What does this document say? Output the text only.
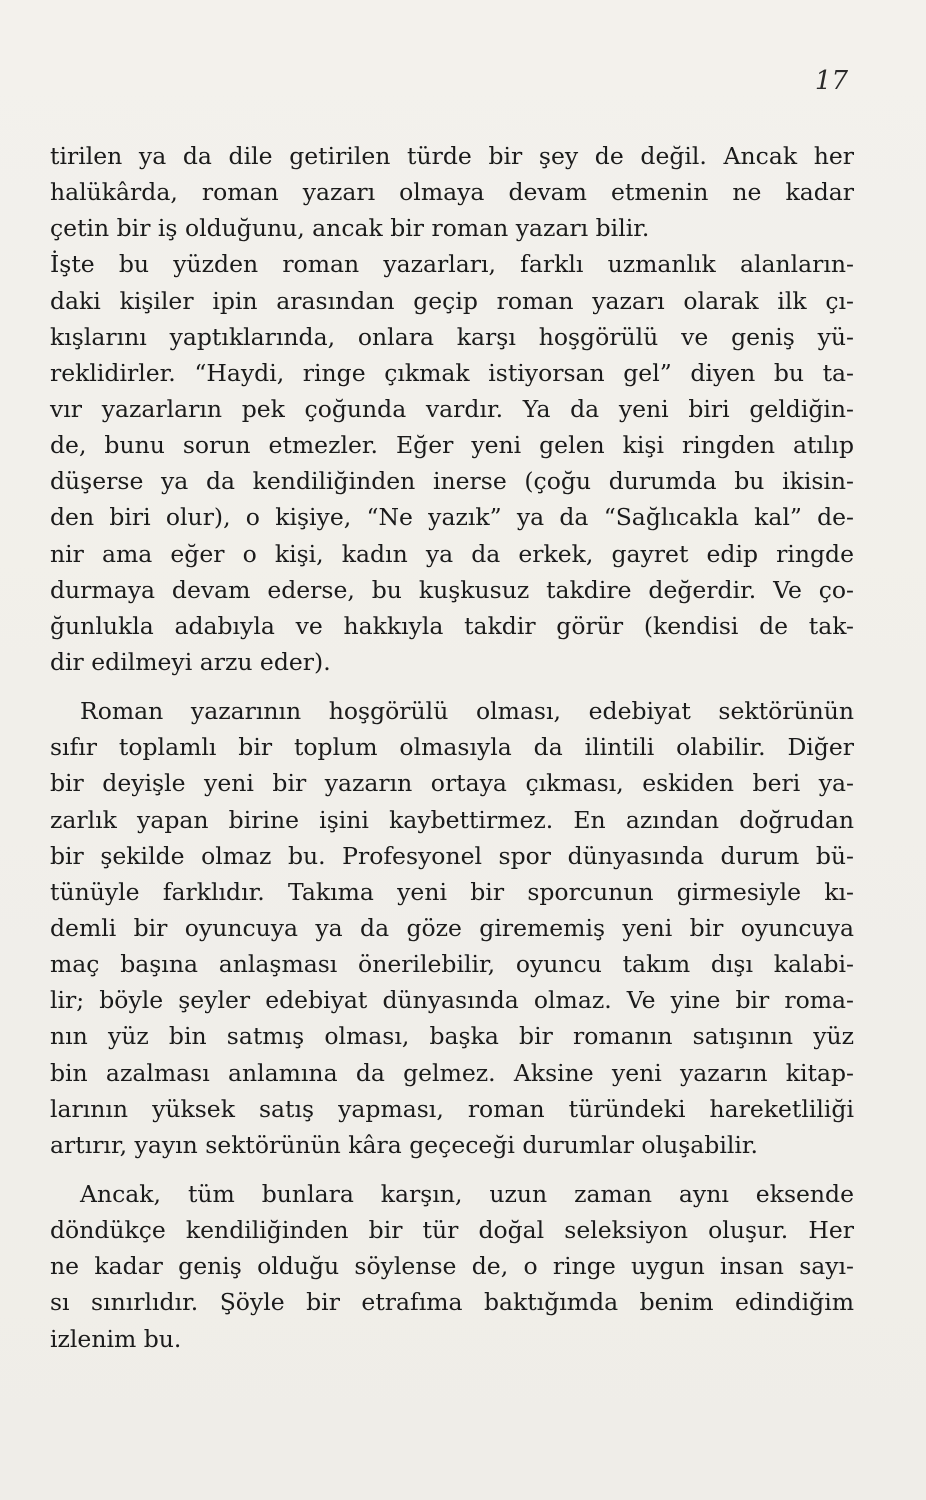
17
tirilen ya da dile getirilen türde bir şey de değil. Ancak her
halükârda, roman yazarı olmaya devam etmenin ne kadar
çetin bir iş olduğunu, ancak bir roman yazarı bilir.
İşte bu yüzden roman yazarları, farklı uzmanlık alanların-
daki kişiler ipin arasından geçip roman yazarı olarak ilk çı-
kışlarını yaptıklarında, onlara karşı hoşgörülü ve geniş yü-
reklidirler. “Haydi, ringe çıkmak istiyorsan gel” diyen bu ta-
vır yazarların pek çoğunda vardır. Ya da yeni biri geldiğin-
de, bunu sorun etmezler. Eğer yeni gelen kişi ringden atılıp
düşerse ya da kendiliğinden inerse (çoğu durumda bu ikisin-
den biri olur), o kişiye, “Ne yazık” ya da “Sağlıcakla kal” de-
nir ama eğer o kişi, kadın ya da erkek, gayret edip ringde
durmaya devam ederse, bu kuşkusuz takdire değerdir. Ve ço-
ğunlukla adabıyla ve hakkıyla takdir görür (kendisi de tak-
dir edilmeyi arzu eder).
Roman yazarının hoşgörülü olması, edebiyat sektörünün
sıfır toplamlı bir toplum olmasıyla da ilintili olabilir. Diğer
bir deyişle yeni bir yazarın ortaya çıkması, eskiden beri ya-
zarlık yapan birine işini kaybettirmez. En azından doğrudan
bir şekilde olmaz bu. Profesyonel spor dünyasında durum bü-
tünüyle farklıdır. Takıma yeni bir sporcunun girmesiyle kı-
demli bir oyuncuya ya da göze girememiş yeni bir oyuncuya
maç başına anlaşması önerilebilir, oyuncu takım dışı kalabi-
lir; böyle şeyler edebiyat dünyasında olmaz. Ve yine bir roma-
nın yüz bin satmış olması, başka bir romanın satışının yüz
bin azalması anlamına da gelmez. Aksine yeni yazarın kitap-
larının yüksek satış yapması, roman türündeki hareketliliği
artırır, yayın sektörünün kâra geçeceği durumlar oluşabilir.
Ancak, tüm bunlara karşın, uzun zaman aynı eksende
döndükçe kendiliğinden bir tür doğal seleksiyon oluşur. Her
ne kadar geniş olduğu söylense de, o ringe uygun insan sayı-
sı sınırlıdır. Şöyle bir etrafıma baktığımda benim edindiğim
izlenim bu.
